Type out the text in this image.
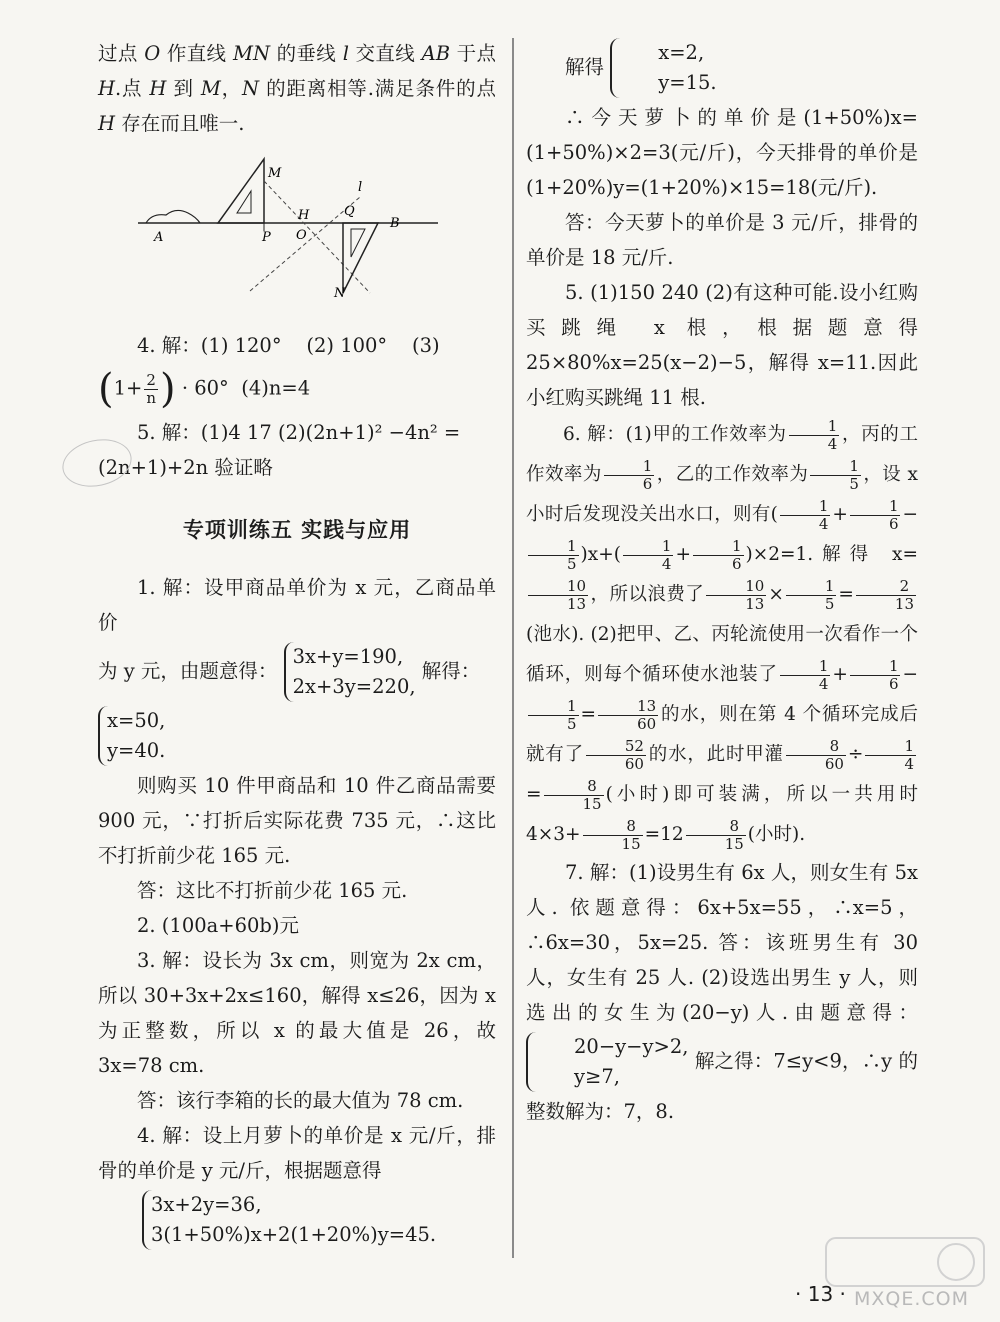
过点 O 作直线 MN 的垂线 l 交直线 AB 于点 H.点 H 到 M，N 的距离相等.满足条件的点 H 存在而且唯一.

M
A	P
H
O
Q
l
B
N

4. 解：(1) 120° (2) 100° (3)

($1+ \frac{2}{n}$ ) · 60° (4)n=4

5. 解：(1)4 17 (2)(2n+1)² −4n² =

(2n+1)+2n 验证略

专项训练五 实践与应用

1. 解：设甲商品单价为 x 元，乙商品单价

为 y 元，由题意得：
3x+y=190,
2x+3y=220,
解得：

x=50,
y=40.

则购买 10 件甲商品和 10 件乙商品需要 900 元，∵打折后实际花费 735 元，∴这比不打折前少花 165 元.

答：这比不打折前少花 165 元.

2. (100a+60b)元

3. 解：设长为 3x cm，则宽为 2x cm，所以 30+3x+2x≤160，解得 x≤26，因为 x 为正整数，所以 x 的最大值是 26，故 3x=78 cm.

答：该行李箱的长的最大值为 78 cm.

4. 解：设上月萝卜的单价是 x 元/斤，排骨的单价是 y 元/斤，根据题意得

3x+2y=36,
3(1+50%)x+2(1+20%)y=45.

解得
x=2,
y=15.

∴今天萝卜的单价是(1+50%)x=(1+50%)×2=3(元/斤)，今天排骨的单价是(1+20%)y=(1+20%)×15=18(元/斤).

答：今天萝卜的单价是 3 元/斤，排骨的单价是 18 元/斤.

5. (1)150 240 (2)有这种可能.设小红购买跳绳 x 根，根据题意得 25×80%x=25(x−2)−5，解得 x=11.因此小红购买跳绳 11 根.

6. 解：(1)甲的工作效率为 $\frac{1}{4}$ ，丙的工作效率为 $\frac{1}{6}$ ，乙的工作效率为 $\frac{1}{5}$ ，设 x 小时后发现没关出水口，则有( $\frac{1}{4} + \frac{1}{6}$ −
$\frac{1}{5} )x+( \frac{1}{4} + \frac{1}{6} )\times 2=1$.解得 x=
$\frac{10}{13}$ ，所以浪费了 $\frac{10}{13} \times \frac{1}{5} = \frac{2}{13}$
(池水). (2)把甲、乙、丙轮流使用一次看作一个循环，则每个循环使水池装了 $\frac{1}{4} + \frac{1}{6}$ −
$\frac{1}{5} = \frac{13}{60}$ 的水，则在第 4 个循环完成后就有了 $\frac{52}{60}$ 的水，此时甲灌 $\frac{8}{60} \div \frac{1}{4}$
= $\frac{8}{15}$ (小时)即可装满，所以一共用时 $4\times 3+ \frac{8}{15} =12 \frac{8}{15}$ (小时).

7. 解：(1)设男生有 6x 人，则女生有 5x 人. 依题意得：6x+5x=55，∴x=5，∴6x=30，5x=25. 答：该班男生有 30 人，女生有 25 人. (2)设选出男生 y 人，则选出的女生为(20−y)人.由题意得：
20−y−y>2,
y≥7,
解之得：7≤y<9，∴y 的整数解为：7，8.

· 13 · MXQE.COM
